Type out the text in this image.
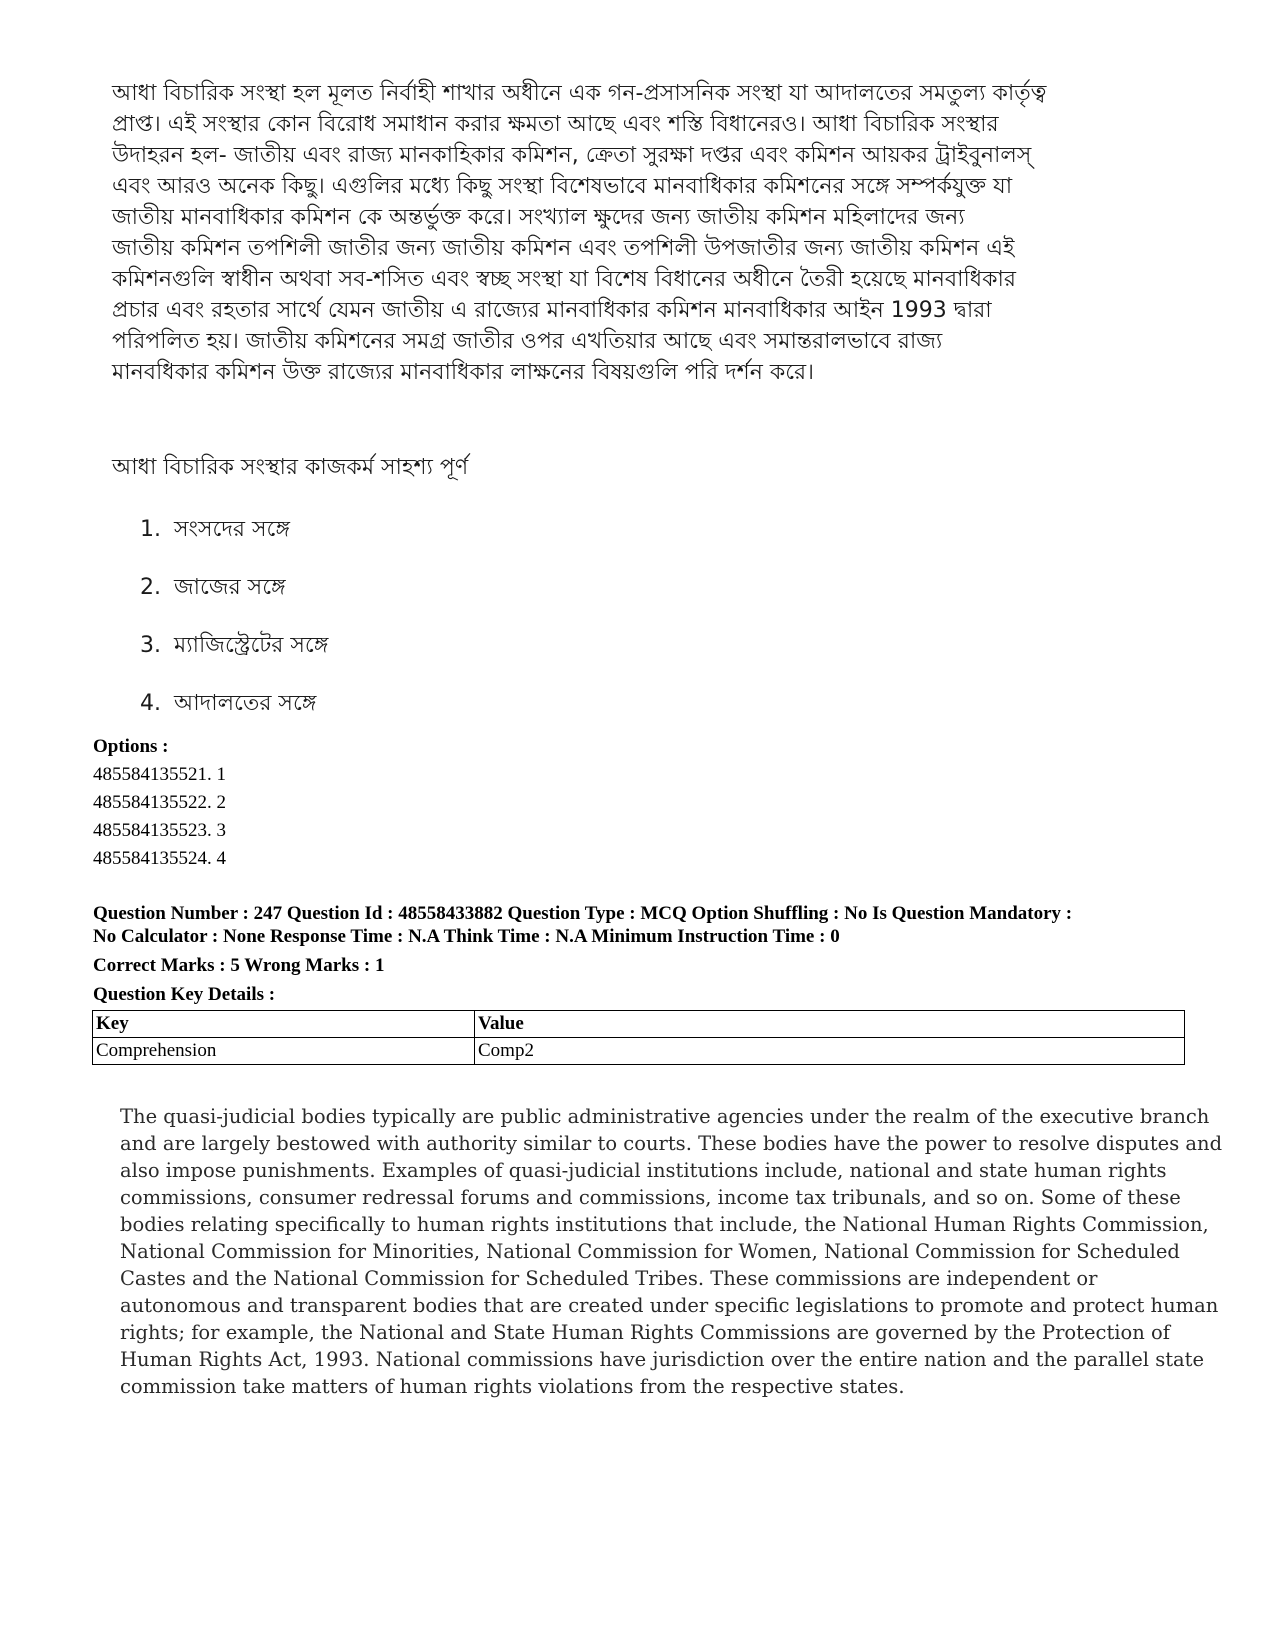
আধা বিচারিক সংস্থা হল মূলত নির্বাহী শাখার অধীনে এক গন-প্রসাসনিক সংস্থা যা আদালতের সমতুল্য কার্তৃত্ব
প্রাপ্ত। এই সংস্থার কোন বিরোধ সমাধান করার ক্ষমতা আছে এবং শস্তি বিধানেরও। আধা বিচারিক সংস্থার
উদাহরন হল- জাতীয় এবং রাজ্য মানকাহিকার কমিশন, ক্রেতা সুরক্ষা দপ্তর এবং কমিশন আয়কর ট্রাইবুনালস্
এবং আরও অনেক কিছু। এগুলির মধ্যে কিছু সংস্থা বিশেষভাবে মানবাধিকার কমিশনের সঙ্গে সম্পর্কযুক্ত যা
জাতীয় মানবাধিকার কমিশন কে অন্তর্ভুক্ত করে। সংখ্যাল ক্ষুদের জন্য জাতীয় কমিশন মহিলাদের জন্য
জাতীয় কমিশন তপশিলী জাতীর জন্য জাতীয় কমিশন এবং তপশিলী উপজাতীর জন্য জাতীয় কমিশন এই
কমিশনগুলি স্বাধীন অথবা সব-শসিত এবং স্বচ্ছ সংস্থা যা বিশেষ বিধানের অধীনে তৈরী হয়েছে মানবাধিকার
প্রচার এবং রহতার সার্থে যেমন জাতীয় এ রাজ্যের মানবাধিকার কমিশন মানবাধিকার আইন 1993 দ্বারা
পরিপলিত হয়। জাতীয় কমিশনের সমগ্র জাতীর ওপর এখতিয়ার আছে এবং সমান্তরালভাবে রাজ্য
মানবধিকার কমিশন উক্ত রাজ্যের মানবাধিকার লাক্ষনের বিষয়গুলি পরি দর্শন করে।
আধা বিচারিক সংস্থার কাজকর্ম সাহশ্য পূর্ণ
1. সংসদের সঙ্গে
2. জাজের সঙ্গে
3. ম্যাজিস্ট্রেটের সঙ্গে
4. আদালতের সঙ্গে
Options :
485584135521. 1
485584135522. 2
485584135523. 3
485584135524. 4
Question Number : 247 Question Id : 48558433882 Question Type : MCQ Option Shuffling : No Is Question Mandatory :
No Calculator : None Response Time : N.A Think Time : N.A Minimum Instruction Time : 0
Correct Marks : 5 Wrong Marks : 1
Question Key Details :
Key	Value
Comprehension	Comp2
The quasi-judicial bodies typically are public administrative agencies under the realm of the executive branch
and are largely bestowed with authority similar to courts. These bodies have the power to resolve disputes and
also impose punishments. Examples of quasi-judicial institutions include, national and state human rights
commissions, consumer redressal forums and commissions, income tax tribunals, and so on. Some of these
bodies relating specifically to human rights institutions that include, the National Human Rights Commission,
National Commission for Minorities, National Commission for Women, National Commission for Scheduled
Castes and the National Commission for Scheduled Tribes. These commissions are independent or
autonomous and transparent bodies that are created under specific legislations to promote and protect human
rights; for example, the National and State Human Rights Commissions are governed by the Protection of
Human Rights Act, 1993. National commissions have jurisdiction over the entire nation and the parallel state
commission take matters of human rights violations from the respective states.
